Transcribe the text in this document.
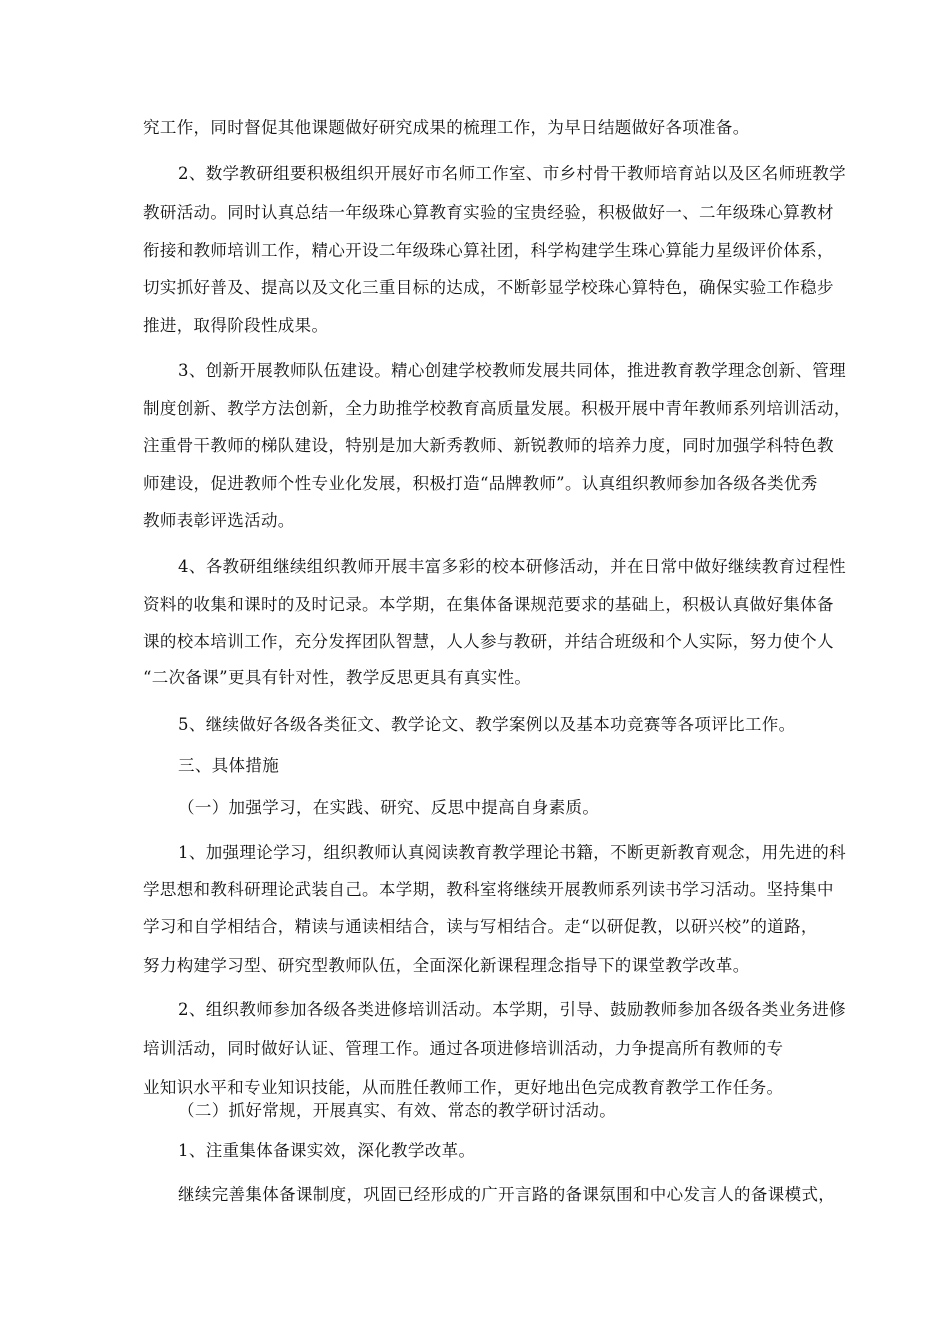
究工作，同时督促其他课题做好研究成果的梳理工作，为早日结题做好各项准备。
2、数学教研组要积极组织开展好市名师工作室、市乡村骨干教师培育站以及区名师班教学
教研活动。同时认真总结一年级珠心算教育实验的宝贵经验，积极做好一、二年级珠心算教材
衔接和教师培训工作，精心开设二年级珠心算社团，科学构建学生珠心算能力星级评价体系，
切实抓好普及、提高以及文化三重目标的达成，不断彰显学校珠心算特色，确保实验工作稳步
推进，取得阶段性成果。
3、创新开展教师队伍建设。精心创建学校教师发展共同体，推进教育教学理念创新、管理
制度创新、教学方法创新，全力助推学校教育高质量发展。积极开展中青年教师系列培训活动，
注重骨干教师的梯队建设，特别是加大新秀教师、新锐教师的培养力度，同时加强学科特色教
师建设，促进教师个性专业化发展，积极打造“品牌教师”。认真组织教师参加各级各类优秀
教师表彰评选活动。
4、各教研组继续组织教师开展丰富多彩的校本研修活动，并在日常中做好继续教育过程性
资料的收集和课时的及时记录。本学期，在集体备课规范要求的基础上，积极认真做好集体备
课的校本培训工作，充分发挥团队智慧，人人参与教研，并结合班级和个人实际，努力使个人
“二次备课”更具有针对性，教学反思更具有真实性。
5、继续做好各级各类征文、教学论文、教学案例以及基本功竞赛等各项评比工作。
三、具体措施
（一）加强学习，在实践、研究、反思中提高自身素质。
1、加强理论学习，组织教师认真阅读教育教学理论书籍，不断更新教育观念，用先进的科
学思想和教科研理论武装自己。本学期，教科室将继续开展教师系列读书学习活动。坚持集中
学习和自学相结合，精读与通读相结合，读与写相结合。走“以研促教，以研兴校”的道路，
努力构建学习型、研究型教师队伍，全面深化新课程理念指导下的课堂教学改革。
2、组织教师参加各级各类进修培训活动。本学期，引导、鼓励教师参加各级各类业务进修
培训活动，同时做好认证、管理工作。通过各项进修培训活动，力争提高所有教师的专
业知识水平和专业知识技能，从而胜任教师工作，更好地出色完成教育教学工作任务。
（二）抓好常规，开展真实、有效、常态的教学研讨活动。
1、注重集体备课实效，深化教学改革。
继续完善集体备课制度，巩固已经形成的广开言路的备课氛围和中心发言人的备课模式，
